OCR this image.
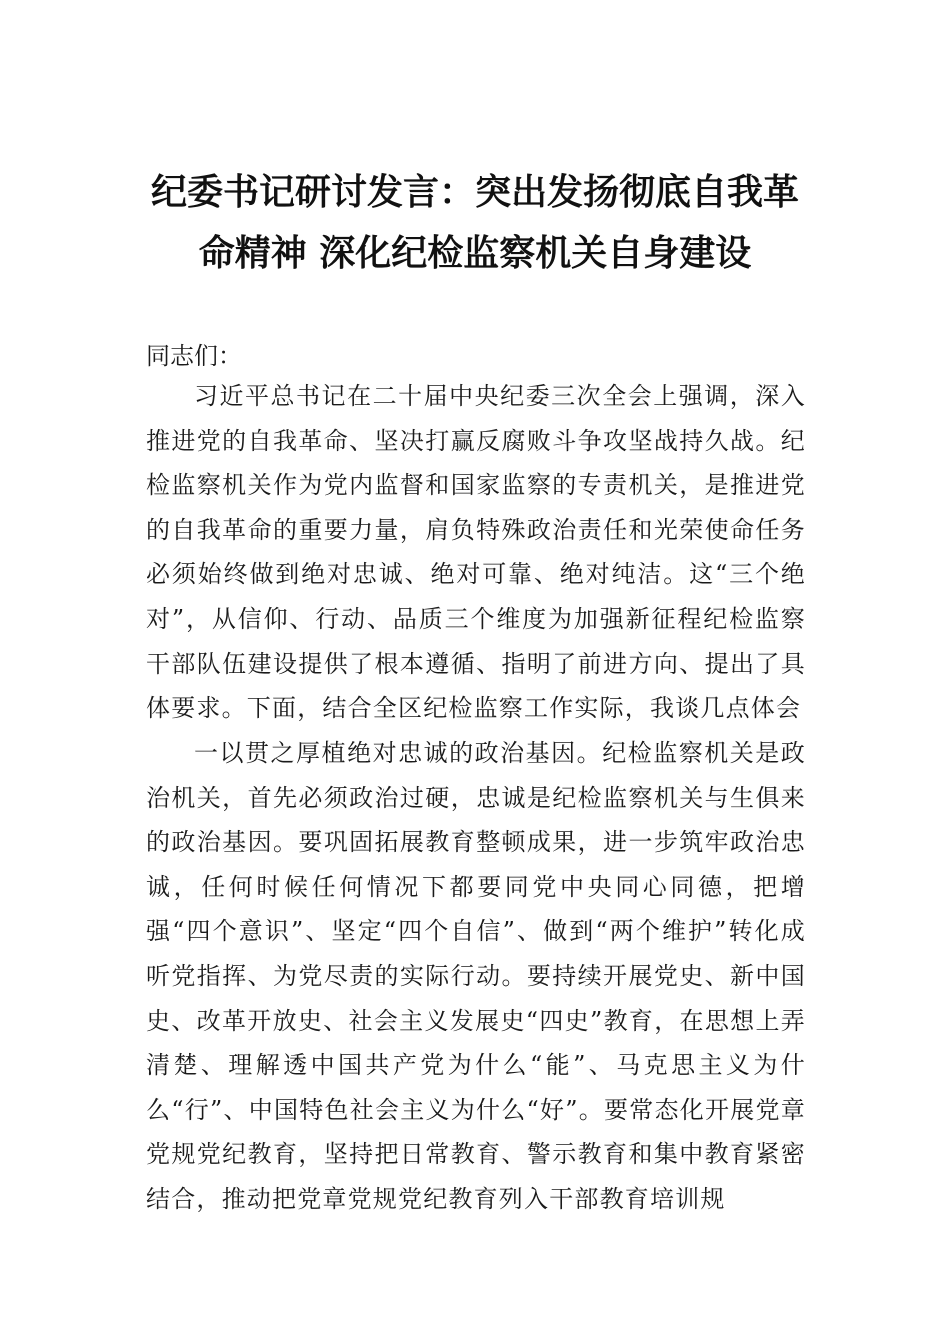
纪委书记研讨发言：突出发扬彻底自我革
命精神 深化纪检监察机关自身建设

同志们：

习近平总书记在二十届中央纪委三次全会上强调，深入推进党的自我革命、坚决打赢反腐败斗争攻坚战持久战。纪检监察机关作为党内监督和国家监察的专责机关，是推进党的自我革命的重要力量，肩负特殊政治责任和光荣使命任务必须始终做到绝对忠诚、绝对可靠、绝对纯洁。这“三个绝对”，从信仰、行动、品质三个维度为加强新征程纪检监察干部队伍建设提供了根本遵循、指明了前进方向、提出了具体要求。下面，结合全区纪检监察工作实际，我谈几点体会

一以贯之厚植绝对忠诚的政治基因。纪检监察机关是政治机关，首先必须政治过硬，忠诚是纪检监察机关与生俱来的政治基因。要巩固拓展教育整顿成果，进一步筑牢政治忠诚，任何时候任何情况下都要同党中央同心同德，把增强“四个意识”、坚定“四个自信”、做到“两个维护”转化成听党指挥、为党尽责的实际行动。要持续开展党史、新中国史、改革开放史、社会主义发展史“四史”教育，在思想上弄清楚、理解透中国共产党为什么“能”、马克思主义为什么“行”、中国特色社会主义为什么“好”。要常态化开展党章党规党纪教育，坚持把日常教育、警示教育和集中教育紧密结合，推动把党章党规党纪教育列入干部教育培训规
